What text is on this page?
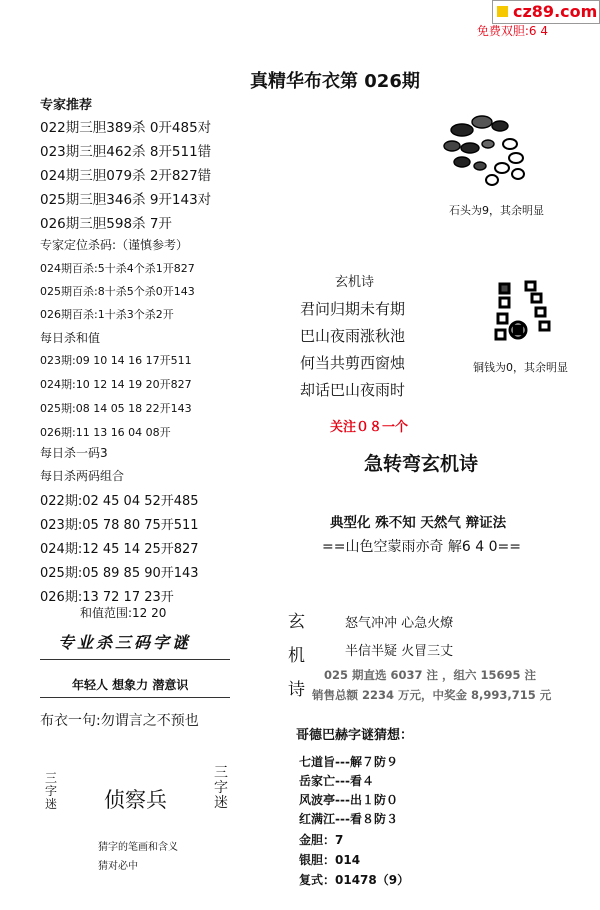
cz89.com
免费双胆:6 4
真精华布衣第 026期
专家推荐
022期三胆389杀 0开485对
023期三胆462杀 8开511错
024期三胆079杀 2开827错
025期三胆346杀 9开143对
026期三胆598杀 7开
专家定位杀码:（谨慎参考）
024期百杀:5十杀4个杀1开827
025期百杀:8十杀5个杀0开143
026期百杀:1十杀3个杀2开
每日杀和值
023期:09 10 14 16 17开511
024期:10 12 14 19 20开827
025期:08 14 05 18 22开143
026期:11 13 16 04 08开
每日杀一码3
每日杀两码组合
022期:02 45 04 52开485
023期:05 78 80 75开511
024期:12 45 14 25开827
025期:05 89 85 90开143
026期:13 72 17 23开
和值范围:12 20
专业杀三码字谜
年轻人 想象力 潜意识
布衣一句:勿谓言之不预也
三
字
迷 侦察兵
三
字
迷
猜字的笔画和含义
猜对必中
石头为9，其余明显
玄机诗
君问归期未有期
巴山夜雨涨秋池
何当共剪西窗烛
却话巴山夜雨时
关注０８一个
铜钱为0，其余明显
急转弯玄机诗
典型化 殊不知 天然气 辩证法
==山色空蒙雨亦奇 解6 4 0==
玄
机
诗
怒气冲冲 心急火燎
半信半疑 火冒三丈
025 期直选 6037 注 ，组六 15695 注
销售总额 2234 万元，中奖金 8,993,715 元
哥德巴赫字谜猜想：
七道旨---解７防９
岳家亡---看４
风波亭---出１防０
红满江---看８防３
金胆：7
银胆：014
复式：01478（9）
